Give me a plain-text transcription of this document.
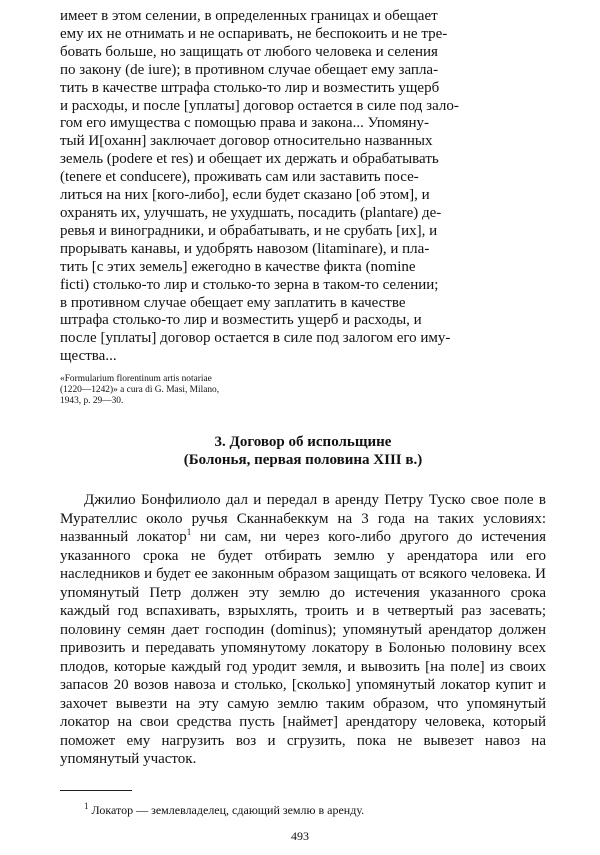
имеет в этом селении, в определенных границах и обещает
ему их не отнимать и не оспаривать, не беспокоить и не тре-
бовать больше, но защищать от любого человека и селения
по закону (de iure); в противном случае обещает ему запла-
тить в качестве штрафа столько-то лир и возместить ущерб
и расходы, и после [уплаты] договор остается в силе под зало-
гом его имущества с помощью права и закона... Упомяну-
тый И[оханн] заключает договор относительно названных
земель (podere et res) и обещает их держать и обрабатывать
(tenere et conducere), проживать сам или заставить посе-
литься на них [кого-либо], если будет сказано [об этом], и
охранять их, улучшать, не ухудшать, посадить (plantare) де-
ревья и виноградники, и обрабатывать, и не срубать [их], и
прорывать канавы, и удобрять навозом (litaminare), и пла-
тить [с этих земель] ежегодно в качестве фикта (nomine
ficti) столько-то лир и столько-то зерна в таком-то селении;
в противном случае обещает ему заплатить в качестве
штрафа столько-то лир и возместить ущерб и расходы, и
после [уплаты] договор остается в силе под залогом его иму-
щества...

«Formularium florentinum artis notariae
(1220—1242)» a cura di G. Masi, Milano,
1943, p. 29—30.

3. Договор об испольщине
(Болонья, первая половина XIII в.)

Джилио Бонфилиоло дал и передал в аренду Петру Туско свое поле в Мурателлис около ручья Сканнабеккум на 3 года на таких условиях: названный локатор$^1$ ни сам, ни через кого-либо другого до истечения указанного срока не будет отбирать землю у арендатора или его наследников и будет ее законным образом защищать от всякого человека. И упомянутый Петр должен эту землю до истечения указанного срока каждый год вспахивать, взрыхлять, троить и в четвертый раз засевать; половину семян дает господин (dominus); упомянутый арендатор должен привозить и передавать упомянутому локатору в Болонью половину всех плодов, которые каждый год уродит земля, и вывозить [на поле] из своих запасов 20 возов навоза и столько, [сколько] упомянутый локатор купит и захочет вывезти на эту самую землю таким образом, что упомянутый локатор на свои средства пусть [наймет] арендатору человека, который поможет ему нагрузить воз и сгрузить, пока не вывезет навоз на упомянутый участок.

$^1$ Локатор — землевладелец, сдающий землю в аренду.
493
